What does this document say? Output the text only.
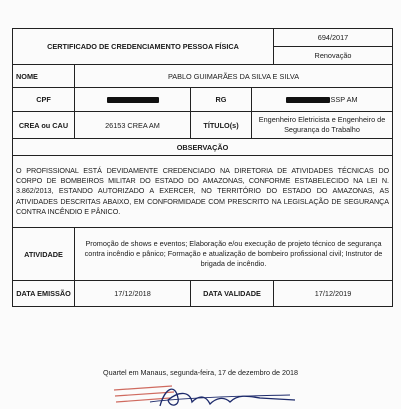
CERTIFICADO DE CREDENCIAMENTO PESSOA FÍSICA				694/2017
Renovação

NOME	PABLO GUIMARÃES DA SILVA E SILVA			
CPF		RG	SSP AM	
CREA ou CAU	26153 CREA AM	TÍTULO(s)	Engenheiro Eletricista e Engenheiro de Segurança do Trabalho	
OBSERVAÇÃO				
O PROFISSIONAL ESTÁ DEVIDAMENTE CREDENCIADO NA DIRETORIA DE ATIVIDADES TÉCNICAS DO CORPO DE BOMBEIROS MILITAR DO ESTADO DO AMAZONAS, CONFORME ESTABELECIDO NA LEI N. 3.862/2013, ESTANDO AUTORIZADO A EXERCER, NO TERRITÓRIO DO ESTADO DO AMAZONAS, AS ATIVIDADES DESCRITAS ABAIXO, EM CONFORMIDADE COM PRESCRITO NA LEGISLAÇÃO DE SEGURANÇA CONTRA INCÊNDIO E PÂNICO.				
ATIVIDADE	Promoção de shows e eventos; Elaboração e/ou execução de projeto técnico de segurança contra incêndio e pânico; Formação e atualização de bombeiro profissional civil; Instrutor de brigada de incêndio.			
DATA EMISSÃO	17/12/2018	DATA VALIDADE		17/12/2019
Quartel em Manaus, segunda-feira, 17 de dezembro de 2018
